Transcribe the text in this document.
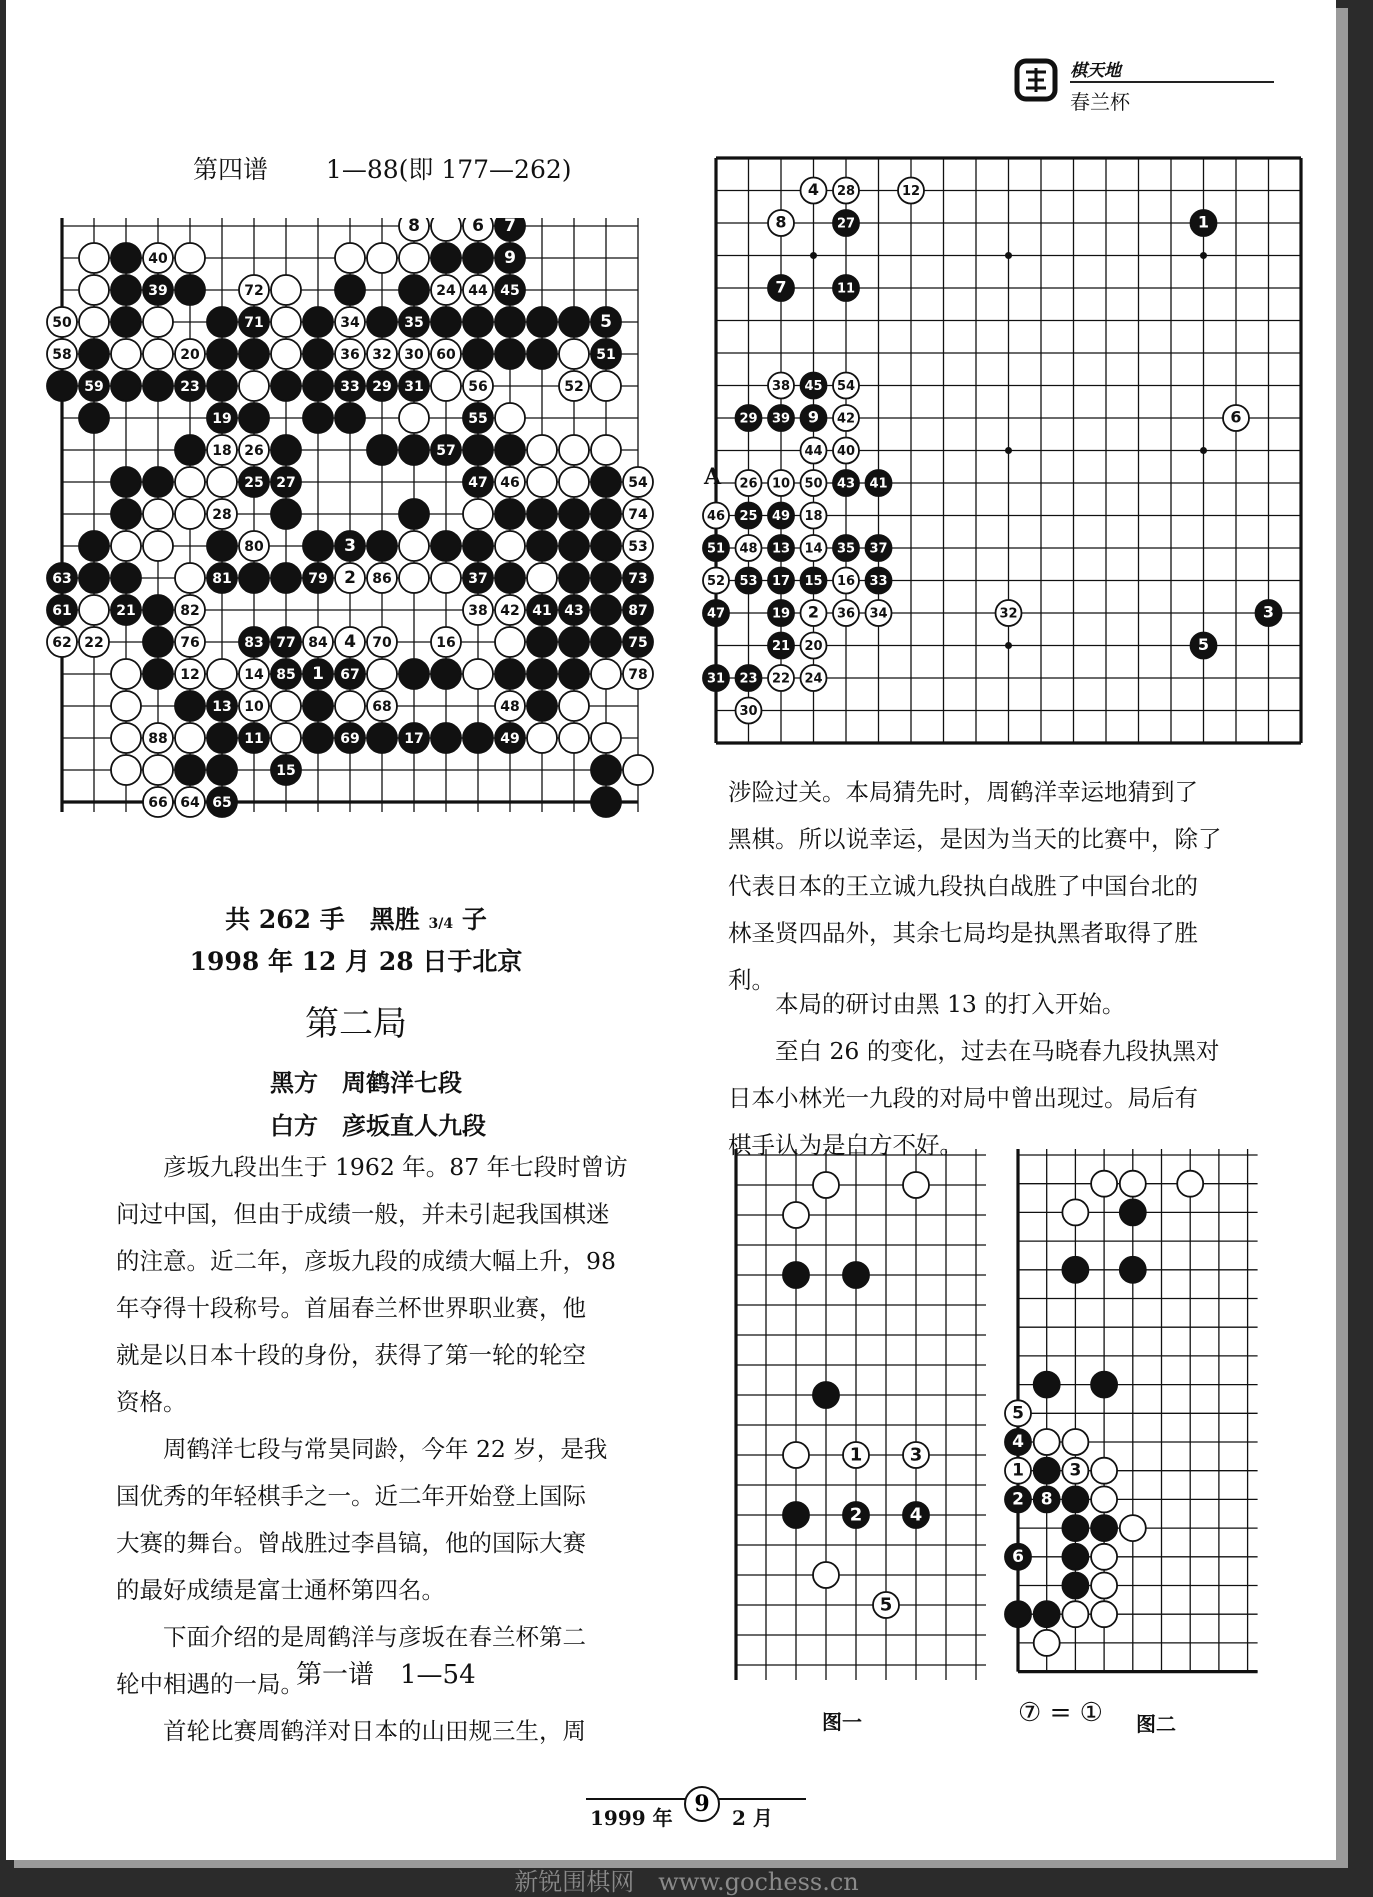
棋天地
春兰杯
第四谱 1—88(即 177—262)
8	6 7
40	9
39	72	24 44 45
50	71	34	35	5
58	20	36 32 30 60	51
59	23	33 29 31	56	52
19	55
18 26	57
25 27	47 46	54
28	74
80	3	53
63	81	79 2 86	37	73
61	21	82	38 42 41 43	87
62 22	76	83 77 84 4 70	16	75
12	14 85 1 67	78
13 10	68	48
88	11	69	17	49
15
66 64 65
共 262 手　黑胜 3/4 子
1998 年 12 月 28 日于北京
第二局
黑方　周鹤洋七段
白方　彦坂直人九段

　　彦坂九段出生于 1962 年。87 年七段时曾访

问过中国，但由于成绩一般，并未引起我国棋迷

的注意。近二年，彦坂九段的成绩大幅上升，98

年夺得十段称号。首届春兰杯世界职业赛，他

就是以日本十段的身份，获得了第一轮的轮空

资格。

　　周鹤洋七段与常昊同龄，今年 22 岁，是我

国优秀的年轻棋手之一。近二年开始登上国际

大赛的舞台。曾战胜过李昌镐，他的国际大赛

的最好成绩是富士通杯第四名。

　　下面介绍的是周鹤洋与彦坂在春兰杯第二

轮中相遇的一局。

第一谱　1—54

　　首轮比赛周鹤洋对日本的山田规三生，周

4 28	12
8	27	1
7	11
38 45 54
29 39 9 42	6
44 40
26 10 50 43 41
46 25 49 18
51 48 13 14 35 37
52 53 17 15 16 33
47	19 2 36 34	32	3
21 20	5
31 23 22 24
30
A

涉险过关。本局猜先时，周鹤洋幸运地猜到了

黑棋。所以说幸运，是因为当天的比赛中，除了

代表日本的王立诚九段执白战胜了中国台北的

林圣贤四品外，其余七局均是执黑者取得了胜

利。

　　本局的研讨由黑 13 的打入开始。

　　至白 26 的变化，过去在马晓春九段执黑对

日本小林光一九段的对局中曾出现过。局后有

棋手认为是白方不好。

1	3
2	4
5
5
4
1	3
2 8
6
图一	⑦ = ① 图二
1999 年
9
2 月
新锐围棋网　www.gochess.cn
